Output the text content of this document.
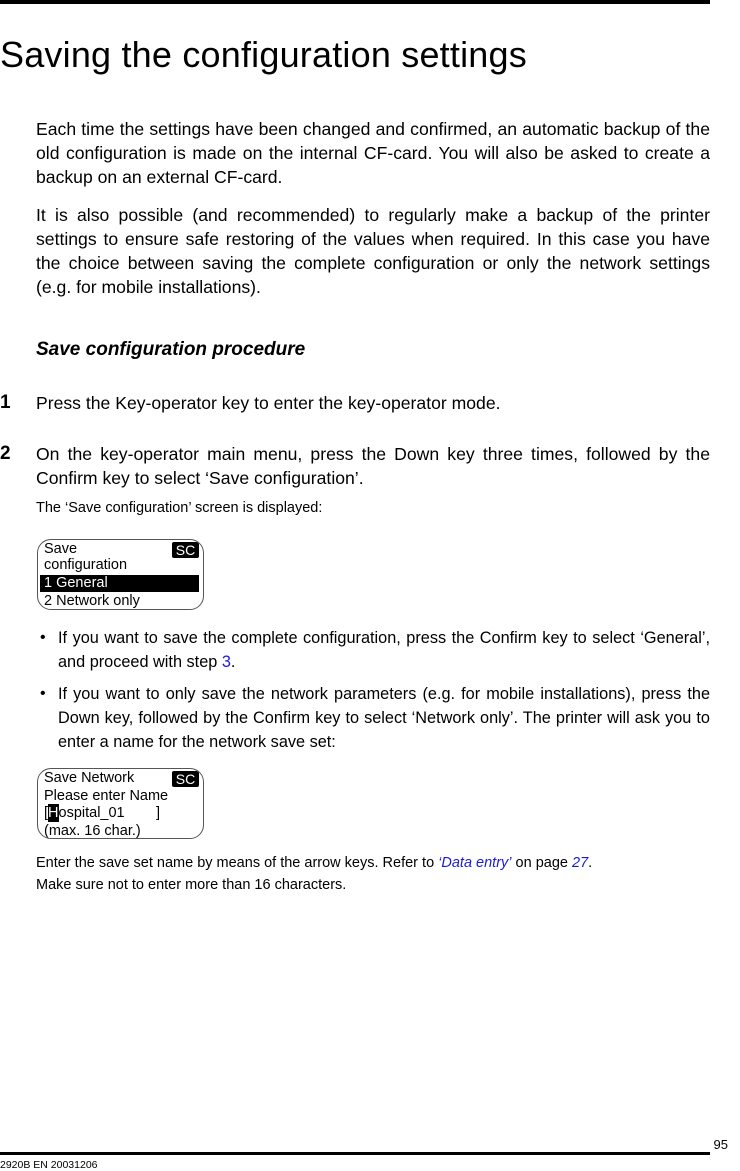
Saving the configuration settings

Each time the settings have been changed and confirmed, an automatic backup of the old configuration is made on the internal CF-card. You will also be asked to create a backup on an external CF-card.

It is also possible (and recommended) to regularly make a backup of the printer settings to ensure safe restoring of the values when required. In this case you have the choice between saving the complete configuration or only the network settings (e.g. for mobile installations).

Save configuration procedure
1 Press the Key-operator key to enter the key-operator mode.

2 On the key-operator main menu, press the Down key three times, followed by the Confirm key to select ‘Save configuration’.

The ‘Save configuration’ screen is displayed:

Save	SC
configuration
1 General
2 Network only
• If you want to save the complete configuration, press the Confirm key to select ‘General’, and proceed with step 3.

• If you want to only save the network parameters (e.g. for mobile installations), press the Down key, followed by the Confirm key to select ‘Network only’. The printer will ask you to enter a name for the network save set:

Save Network	SC
Please enter Name
[Hospital_01 ]
(max. 16 char.)

Enter the save set name by means of the arrow keys. Refer to ‘Data entry’ on page 27.

Make sure not to enter more than 16 characters.

95
2920B EN 20031206
